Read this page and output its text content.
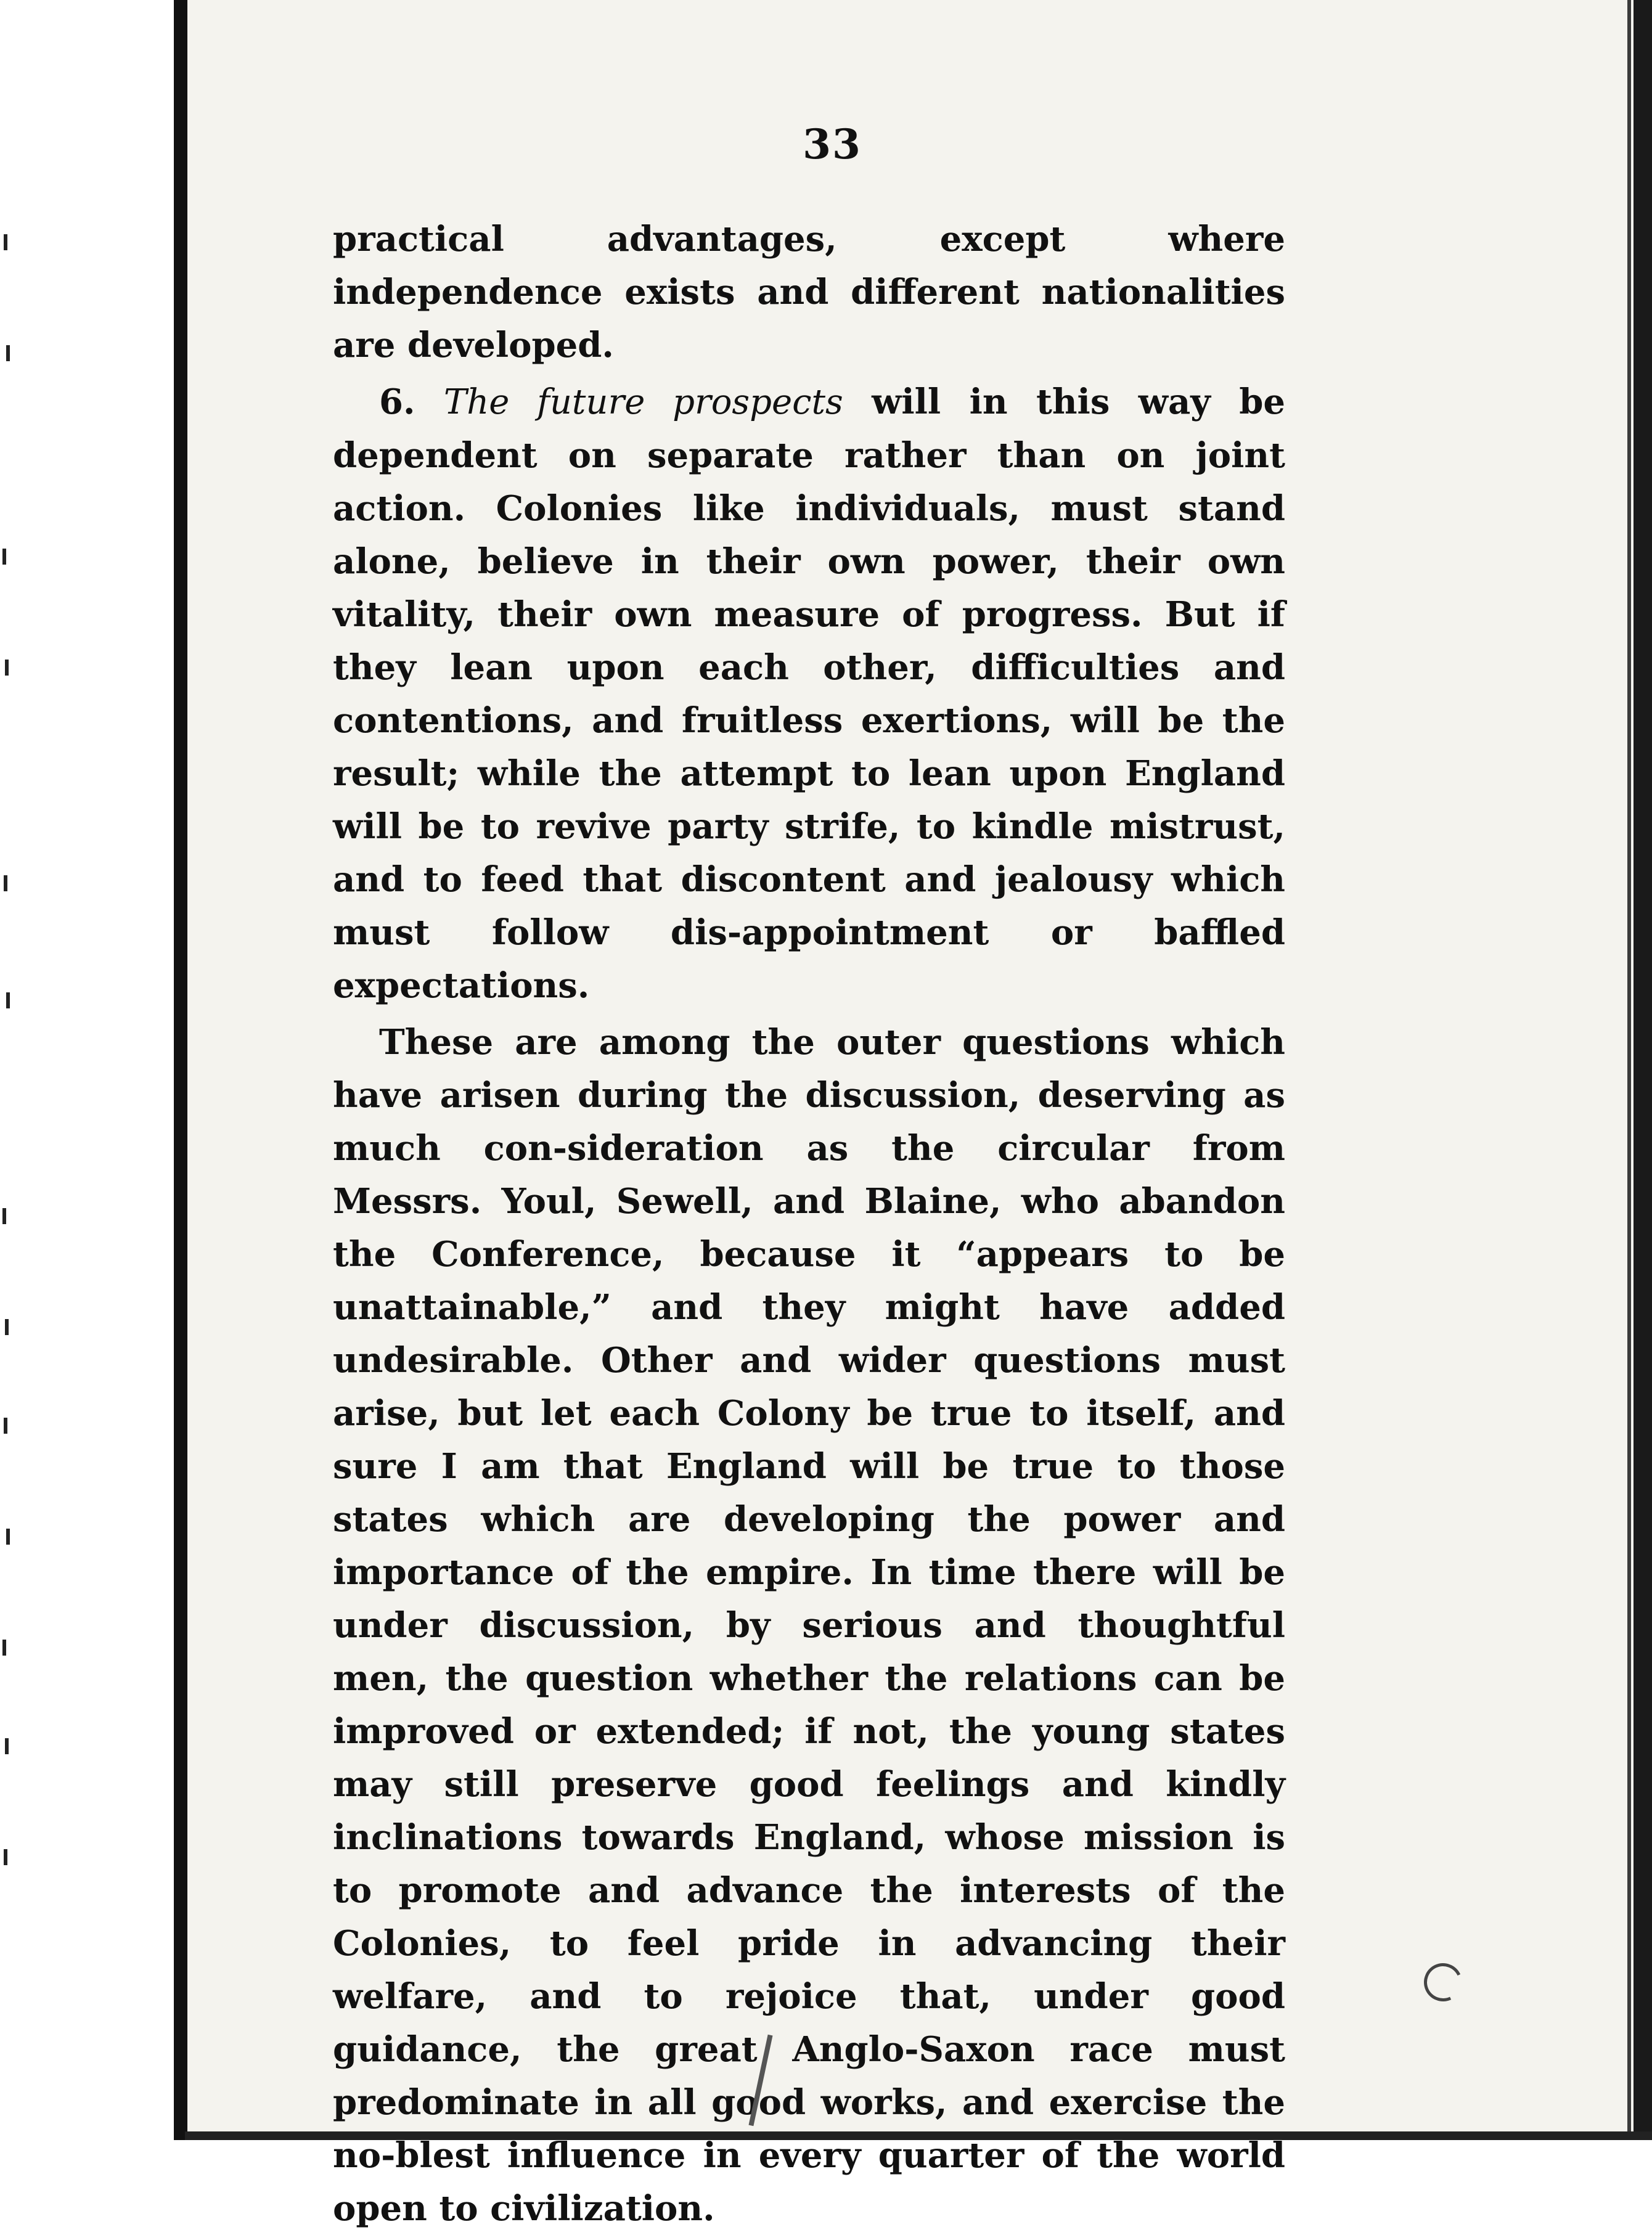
33

practical advantages, except where independence exists and different nationalities are developed.

6. The future prospects will in this way be dependent on separate rather than on joint action. Colonies like individuals, must stand alone, believe in their own power, their own vitality, their own measure of progress. But if they lean upon each other, difficulties and contentions, and fruitless exertions, will be the result; while the attempt to lean upon England will be to revive party strife, to kindle mistrust, and to feed that discontent and jealousy which must follow dis-appointment or baffled expectations.

These are among the outer questions which have arisen during the discussion, deserving as much con-sideration as the circular from Messrs. Youl, Sewell, and Blaine, who abandon the Conference, because it “appears to be unattainable,” and they might have added undesirable. Other and wider questions must arise, but let each Colony be true to itself, and sure I am that England will be true to those states which are developing the power and importance of the empire. In time there will be under discussion, by serious and thoughtful men, the question whether the relations can be improved or extended; if not, the young states may still preserve good feelings and kindly inclinations towards England, whose mission is to promote and advance the interests of the Colonies, to feel pride in advancing their welfare, and to rejoice that, under good guidance, the great Anglo-Saxon race must predominate in all good works, and exercise the no-blest influence in every quarter of the world open to civilization.
